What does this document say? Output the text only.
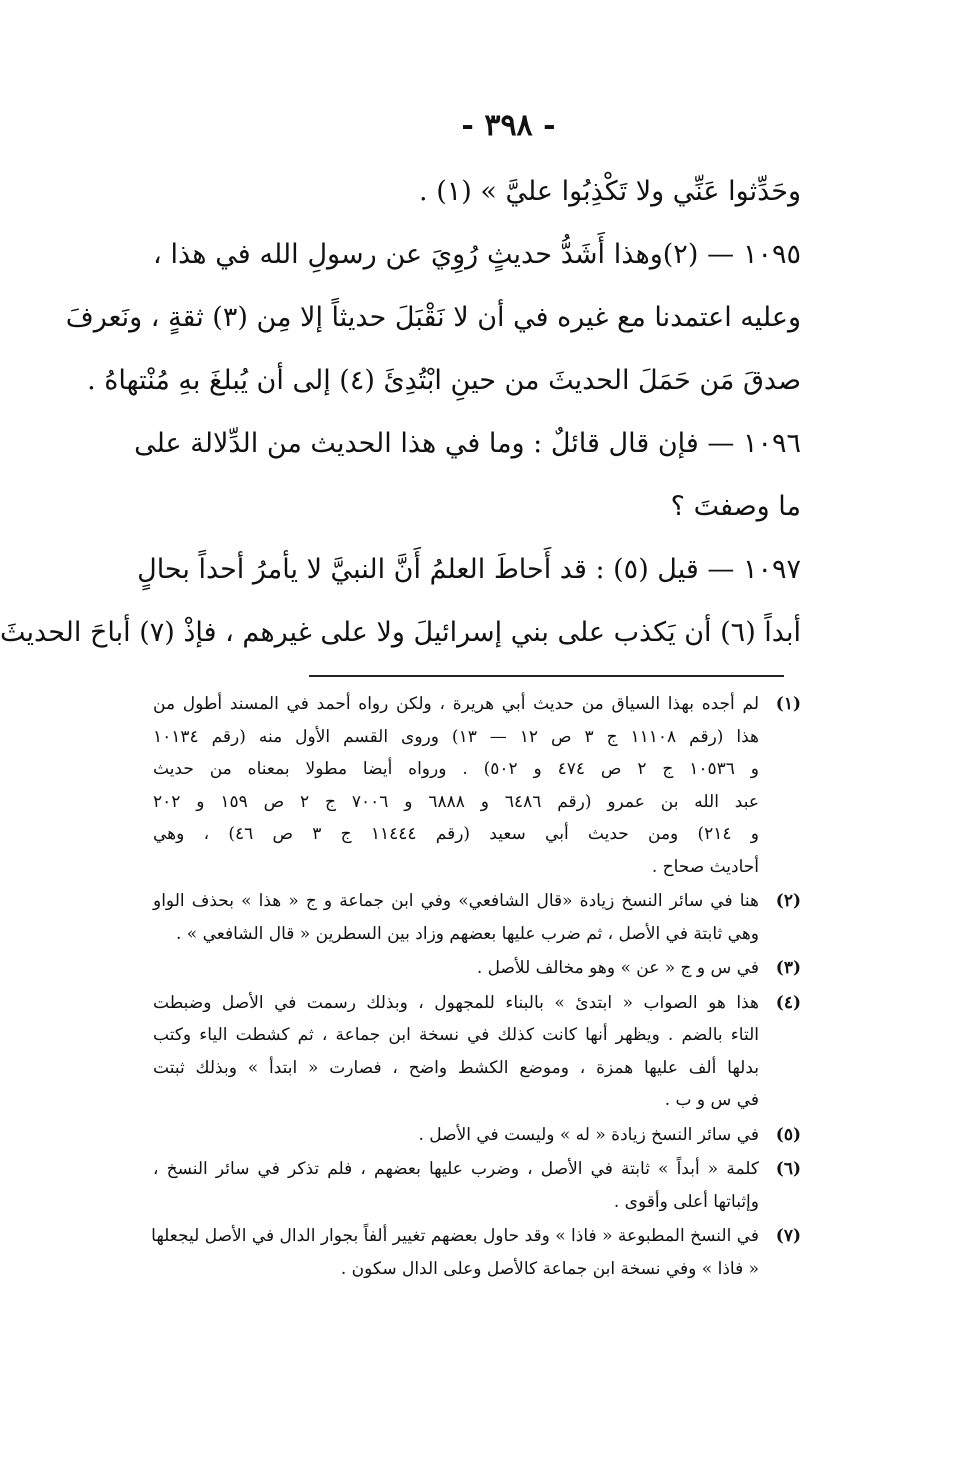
- ٣٩٨ -
وحَدِّثوا عَنِّي ولا تَكْذِبُوا عليَّ » (١) .
١٠٩٥ — (٢)وهذا أَشَدُّ حديثٍ رُوِيَ عن رسولِ الله في هذا ،
وعليه اعتمدنا مع غيره في أن لا نَقْبَلَ حديثاً إلا مِن (٣) ثقةٍ ، ونَعرفَ
صدقَ مَن حَمَلَ الحديثَ من حينِ ابْتُدِئَ (٤) إلى أن يُبلغَ بهِ مُنْتهاهُ .
١٠٩٦ — فإن قال قائلٌ : وما في هذا الحديث من الدِّلالة على
ما وصفتَ ؟
١٠٩٧ — قيل (٥) : قد أَحاطَ العلمُ أَنَّ النبيَّ لا يأمرُ أحداً بحالٍ
أبداً (٦) أن يَكذب على بني إسرائيلَ ولا على غيرهم ، فإذْ (٧) أباحَ الحديثَ
(١)
لم أجده بهذا السياق من حديث أبي هريرة ، ولكن رواه أحمد في المسند أطول من
هذا (رقم ١١١٠٨ ج ٣ ص ١٢ — ١٣) وروى القسم الأول منه (رقم ١٠١٣٤
و ١٠٥٣٦ ج ٢ ص ٤٧٤ و ٥٠٢) . ورواه أيضا مطولا بمعناه من حديث
عبد الله بن عمرو (رقم ٦٤٨٦ و ٦٨٨٨ و ٧٠٠٦ ج ٢ ص ١٥٩ و ٢٠٢
و ٢١٤) ومن حديث أبي سعيد (رقم ١١٤٤٤ ج ٣ ص ٤٦) ، وهي
أحاديث صحاح .
(٢)
هنا في سائر النسخ زيادة «قال الشافعي» وفي ابن جماعة و ج « هذا » بحذف الواو
وهي ثابتة في الأصل ، ثم ضرب عليها بعضهم وزاد بين السطرين « قال الشافعي » .
(٣)
في س و ج « عن » وهو مخالف للأصل .
(٤)
هذا هو الصواب « ابتدئ » بالبناء للمجهول ، وبذلك رسمت في الأصل وضبطت
التاء بالضم . ويظهر أنها كانت كذلك في نسخة ابن جماعة ، ثم كشطت الياء وكتب
بدلها ألف عليها همزة ، وموضع الكشط واضح ، فصارت « ابتدأ » وبذلك ثبتت
في س و ب .
(٥)
في سائر النسخ زيادة « له » وليست في الأصل .
(٦)
كلمة « أبداً » ثابتة في الأصل ، وضرب عليها بعضهم ، فلم تذكر في سائر النسخ ،
وإثباتها أعلى وأقوى .
(٧)
في النسخ المطبوعة « فاذا » وقد حاول بعضهم تغيير ألفاً بجوار الدال في الأصل ليجعلها
« فاذا » وفي نسخة ابن جماعة كالأصل وعلى الدال سكون .
